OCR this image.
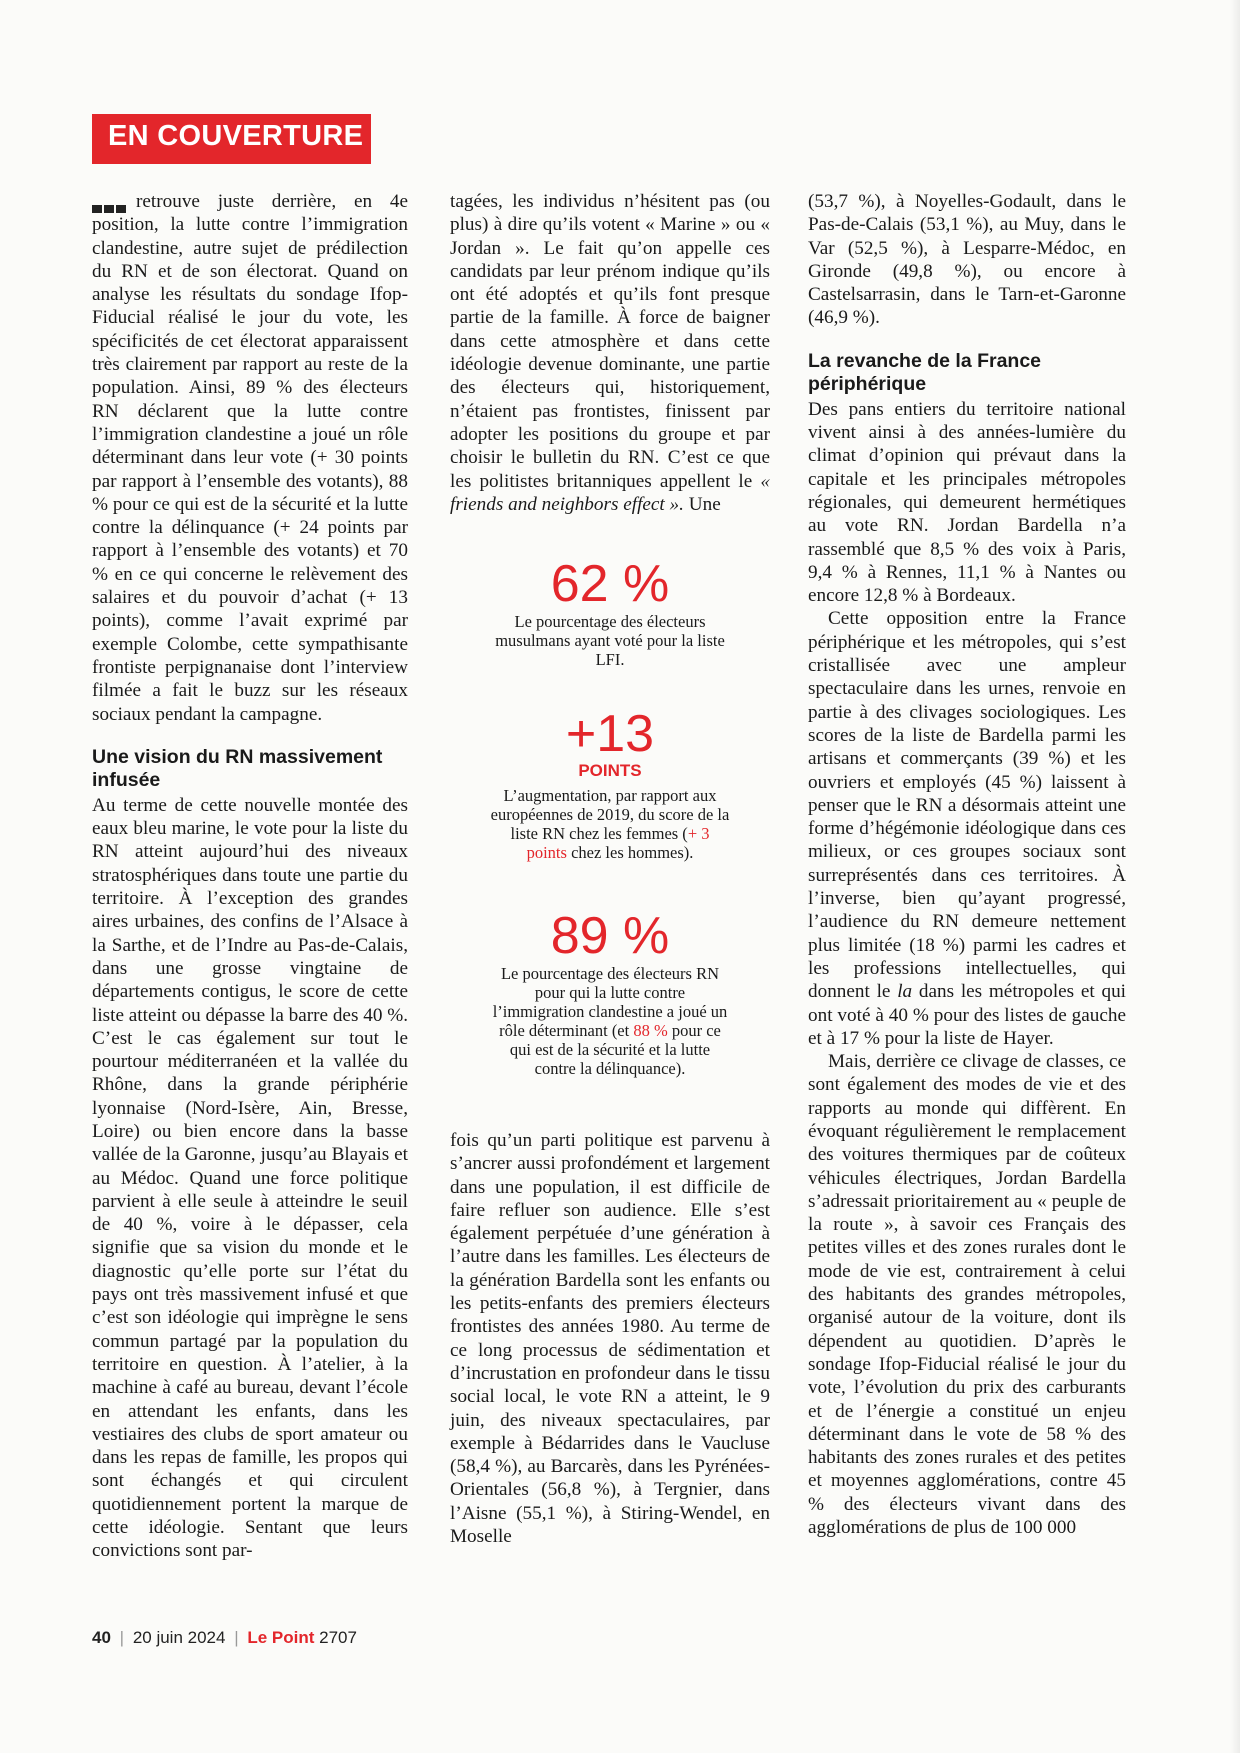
EN COUVERTURE

retrouve juste derrière, en 4e position, la lutte contre l’immigration clandestine, autre sujet de prédilection du RN et de son électorat. Quand on analyse les résultats du sondage Ifop-Fiducial réalisé le jour du vote, les spécificités de cet électorat apparaissent très clairement par rapport au reste de la population. Ainsi, 89 % des électeurs RN déclarent que la lutte contre l’immigration clandestine a joué un rôle déterminant dans leur vote (+ 30 points par rapport à l’ensemble des votants), 88 % pour ce qui est de la sécurité et la lutte contre la délinquance (+ 24 points par rapport à l’ensemble des votants) et 70 % en ce qui concerne le relèvement des salaires et du pouvoir d’achat (+ 13 points), comme l’avait exprimé par exemple Colombe, cette sympathisante frontiste perpignanaise dont l’interview filmée a fait le buzz sur les réseaux sociaux pendant la campagne.

Une vision du RN massivement infusée

Au terme de cette nouvelle montée des eaux bleu marine, le vote pour la liste du RN atteint aujourd’hui des niveaux stratosphériques dans toute une partie du territoire. À l’exception des grandes aires urbaines, des confins de l’Alsace à la Sarthe, et de l’Indre au Pas-de-Calais, dans une grosse vingtaine de départements contigus, le score de cette liste atteint ou dépasse la barre des 40 %. C’est le cas également sur tout le pourtour méditerranéen et la vallée du Rhône, dans la grande périphérie lyonnaise (Nord-Isère, Ain, Bresse, Loire) ou bien encore dans la basse vallée de la Garonne, jusqu’au Blayais et au Médoc. Quand une force politique parvient à elle seule à atteindre le seuil de 40 %, voire à le dépasser, cela signifie que sa vision du monde et le diagnostic qu’elle porte sur l’état du pays ont très massivement infusé et que c’est son idéologie qui imprègne le sens commun partagé par la population du territoire en question. À l’atelier, à la machine à café au bureau, devant l’école en attendant les enfants, dans les vestiaires des clubs de sport amateur ou dans les repas de famille, les propos qui sont échangés et qui circulent quotidiennement portent la marque de cette idéologie. Sentant que leurs convictions sont par-

tagées, les individus n’hésitent pas (ou plus) à dire qu’ils votent « Marine » ou « Jordan ». Le fait qu’on appelle ces candidats par leur prénom indique qu’ils ont été adoptés et qu’ils font presque partie de la famille. À force de baigner dans cette atmosphère et dans cette idéologie devenue dominante, une partie des électeurs qui, historiquement, n’étaient pas frontistes, finissent par adopter les positions du groupe et par choisir le bulletin du RN. C’est ce que les politistes britanniques appellent le « friends and neighbors effect ». Une

62 %
Le pourcentage des électeurs musulmans ayant voté pour la liste LFI.
+13
POINTS
L’augmentation, par rapport aux européennes de 2019, du score de la liste RN chez les femmes (+ 3 points chez les hommes).
89 %
Le pourcentage des électeurs RN pour qui la lutte contre l’immigration clandestine a joué un rôle déterminant (et 88 % pour ce qui est de la sécurité et la lutte contre la délinquance).

fois qu’un parti politique est parvenu à s’ancrer aussi profondément et largement dans une population, il est difficile de faire refluer son audience. Elle s’est également perpétuée d’une génération à l’autre dans les familles. Les électeurs de la génération Bardella sont les enfants ou les petits-enfants des premiers électeurs frontistes des années 1980. Au terme de ce long processus de sédimentation et d’incrustation en profondeur dans le tissu social local, le vote RN a atteint, le 9 juin, des niveaux spectaculaires, par exemple à Bédarrides dans le Vaucluse (58,4 %), au Barcarès, dans les Pyrénées-Orientales (56,8 %), à Tergnier, dans l’Aisne (55,1 %), à Stiring-Wendel, en Moselle

(53,7 %), à Noyelles-Godault, dans le Pas-de-Calais (53,1 %), au Muy, dans le Var (52,5 %), à Lesparre-Médoc, en Gironde (49,8 %), ou encore à Castelsarrasin, dans le Tarn-et-Garonne (46,9 %).

La revanche de la France périphérique

Des pans entiers du territoire national vivent ainsi à des années-lumière du climat d’opinion qui prévaut dans la capitale et les principales métropoles régionales, qui demeurent hermétiques au vote RN. Jordan Bardella n’a rassemblé que 8,5 % des voix à Paris, 9,4 % à Rennes, 11,1 % à Nantes ou encore 12,8 % à Bordeaux.

Cette opposition entre la France périphérique et les métropoles, qui s’est cristallisée avec une ampleur spectaculaire dans les urnes, renvoie en partie à des clivages sociologiques. Les scores de la liste de Bardella parmi les artisans et commerçants (39 %) et les ouvriers et employés (45 %) laissent à penser que le RN a désormais atteint une forme d’hégémonie idéologique dans ces milieux, or ces groupes sociaux sont surreprésentés dans ces territoires. À l’inverse, bien qu’ayant progressé, l’audience du RN demeure nettement plus limitée (18 %) parmi les cadres et les professions intellectuelles, qui donnent le la dans les métropoles et qui ont voté à 40 % pour des listes de gauche et à 17 % pour la liste de Hayer.

Mais, derrière ce clivage de classes, ce sont également des modes de vie et des rapports au monde qui diffèrent. En évoquant régulièrement le remplacement des voitures thermiques par de coûteux véhicules électriques, Jordan Bardella s’adressait prioritairement au « peuple de la route », à savoir ces Français des petites villes et des zones rurales dont le mode de vie est, contrairement à celui des habitants des grandes métropoles, organisé autour de la voiture, dont ils dépendent au quotidien. D’après le sondage Ifop-Fiducial réalisé le jour du vote, l’évolution du prix des carburants et de l’énergie a constitué un enjeu déterminant dans le vote de 58 % des habitants des zones rurales et des petites et moyennes agglomérations, contre 45 % des électeurs vivant dans des agglomérations de plus de 100 000

40 | 20 juin 2024 | Le Point 2707
